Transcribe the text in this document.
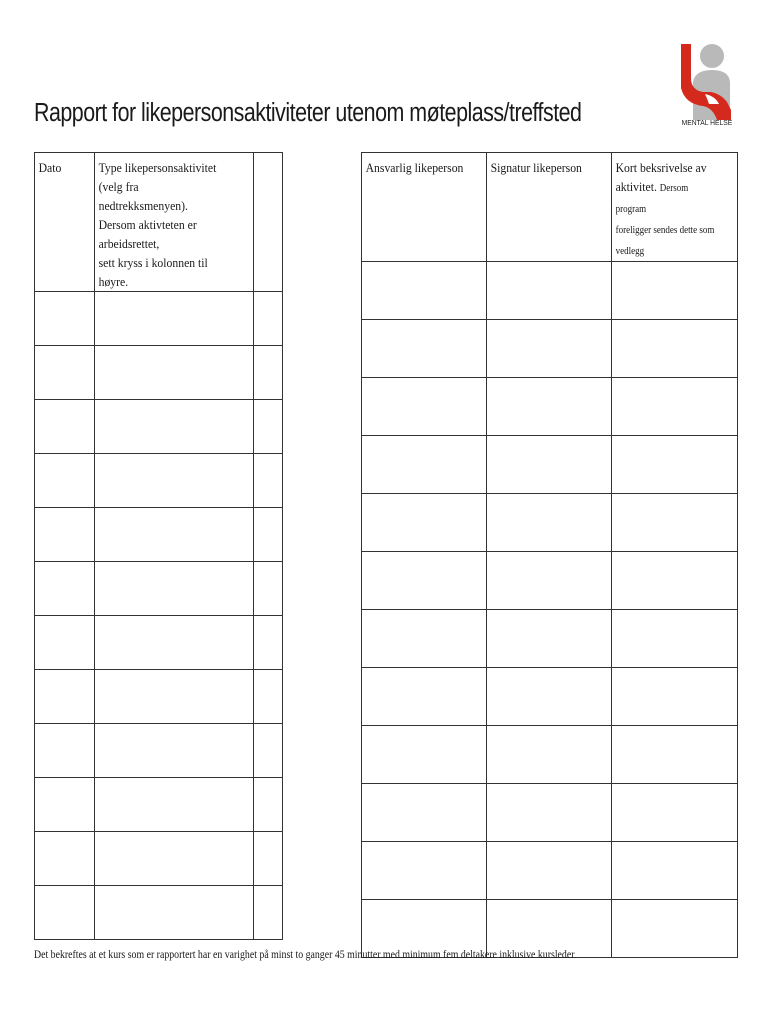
Rapport for likepersonsaktiviteter utenom møteplass/treffsted	MENTAL HELSE
Dato	Type likepersonsaktivitet (velg fra
nedtrekksmenyen).
Dersom aktivteten er arbeidsrettet,
sett kryss i kolonnen til høyre.	

Ansvarlig likeperson	Signatur likeperson	Kort beksrivelse av
aktivitet. Dersom program
foreligger sendes dette som vedlegg

Det bekreftes at et kurs som er rapportert har en varighet på minst to ganger 45 minutter med minimum fem deltakere inklusive kursleder
